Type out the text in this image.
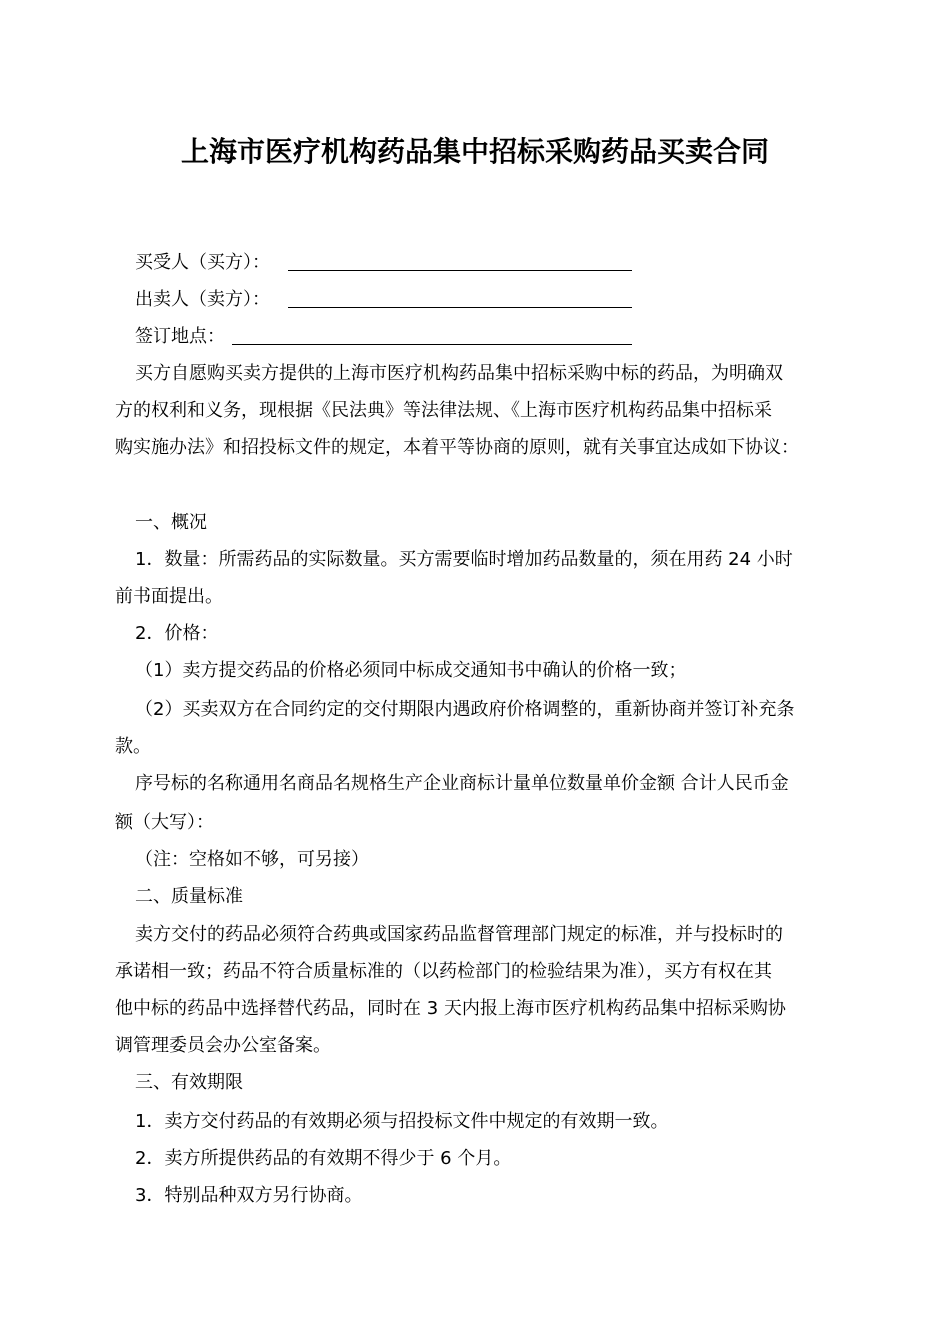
上海市医疗机构药品集中招标采购药品买卖合同
买受人（买方）：
出卖人（卖方）：
签订地点：
买方自愿购买卖方提供的上海市医疗机构药品集中招标采购中标的药品，为明确双
方的权利和义务，现根据《民法典》等法律法规、《上海市医疗机构药品集中招标采
购实施办法》和招投标文件的规定，本着平等协商的原则，就有关事宜达成如下协议：
一、概况
1．数量：所需药品的实际数量。买方需要临时增加药品数量的，须在用药 24 小时
前书面提出。
2．价格：
（1）卖方提交药品的价格必须同中标成交通知书中确认的价格一致；
（2）买卖双方在合同约定的交付期限内遇政府价格调整的，重新协商并签订补充条
款。
序号标的名称通用名商品名规格生产企业商标计量单位数量单价金额 合计人民币金
额（大写）：
（注：空格如不够，可另接）
二、质量标准
卖方交付的药品必须符合药典或国家药品监督管理部门规定的标准，并与投标时的
承诺相一致；药品不符合质量标准的（以药检部门的检验结果为准），买方有权在其
他中标的药品中选择替代药品，同时在 3 天内报上海市医疗机构药品集中招标采购协
调管理委员会办公室备案。
三、有效期限
1．卖方交付药品的有效期必须与招投标文件中规定的有效期一致。
2．卖方所提供药品的有效期不得少于 6 个月。
3．特别品种双方另行协商。
